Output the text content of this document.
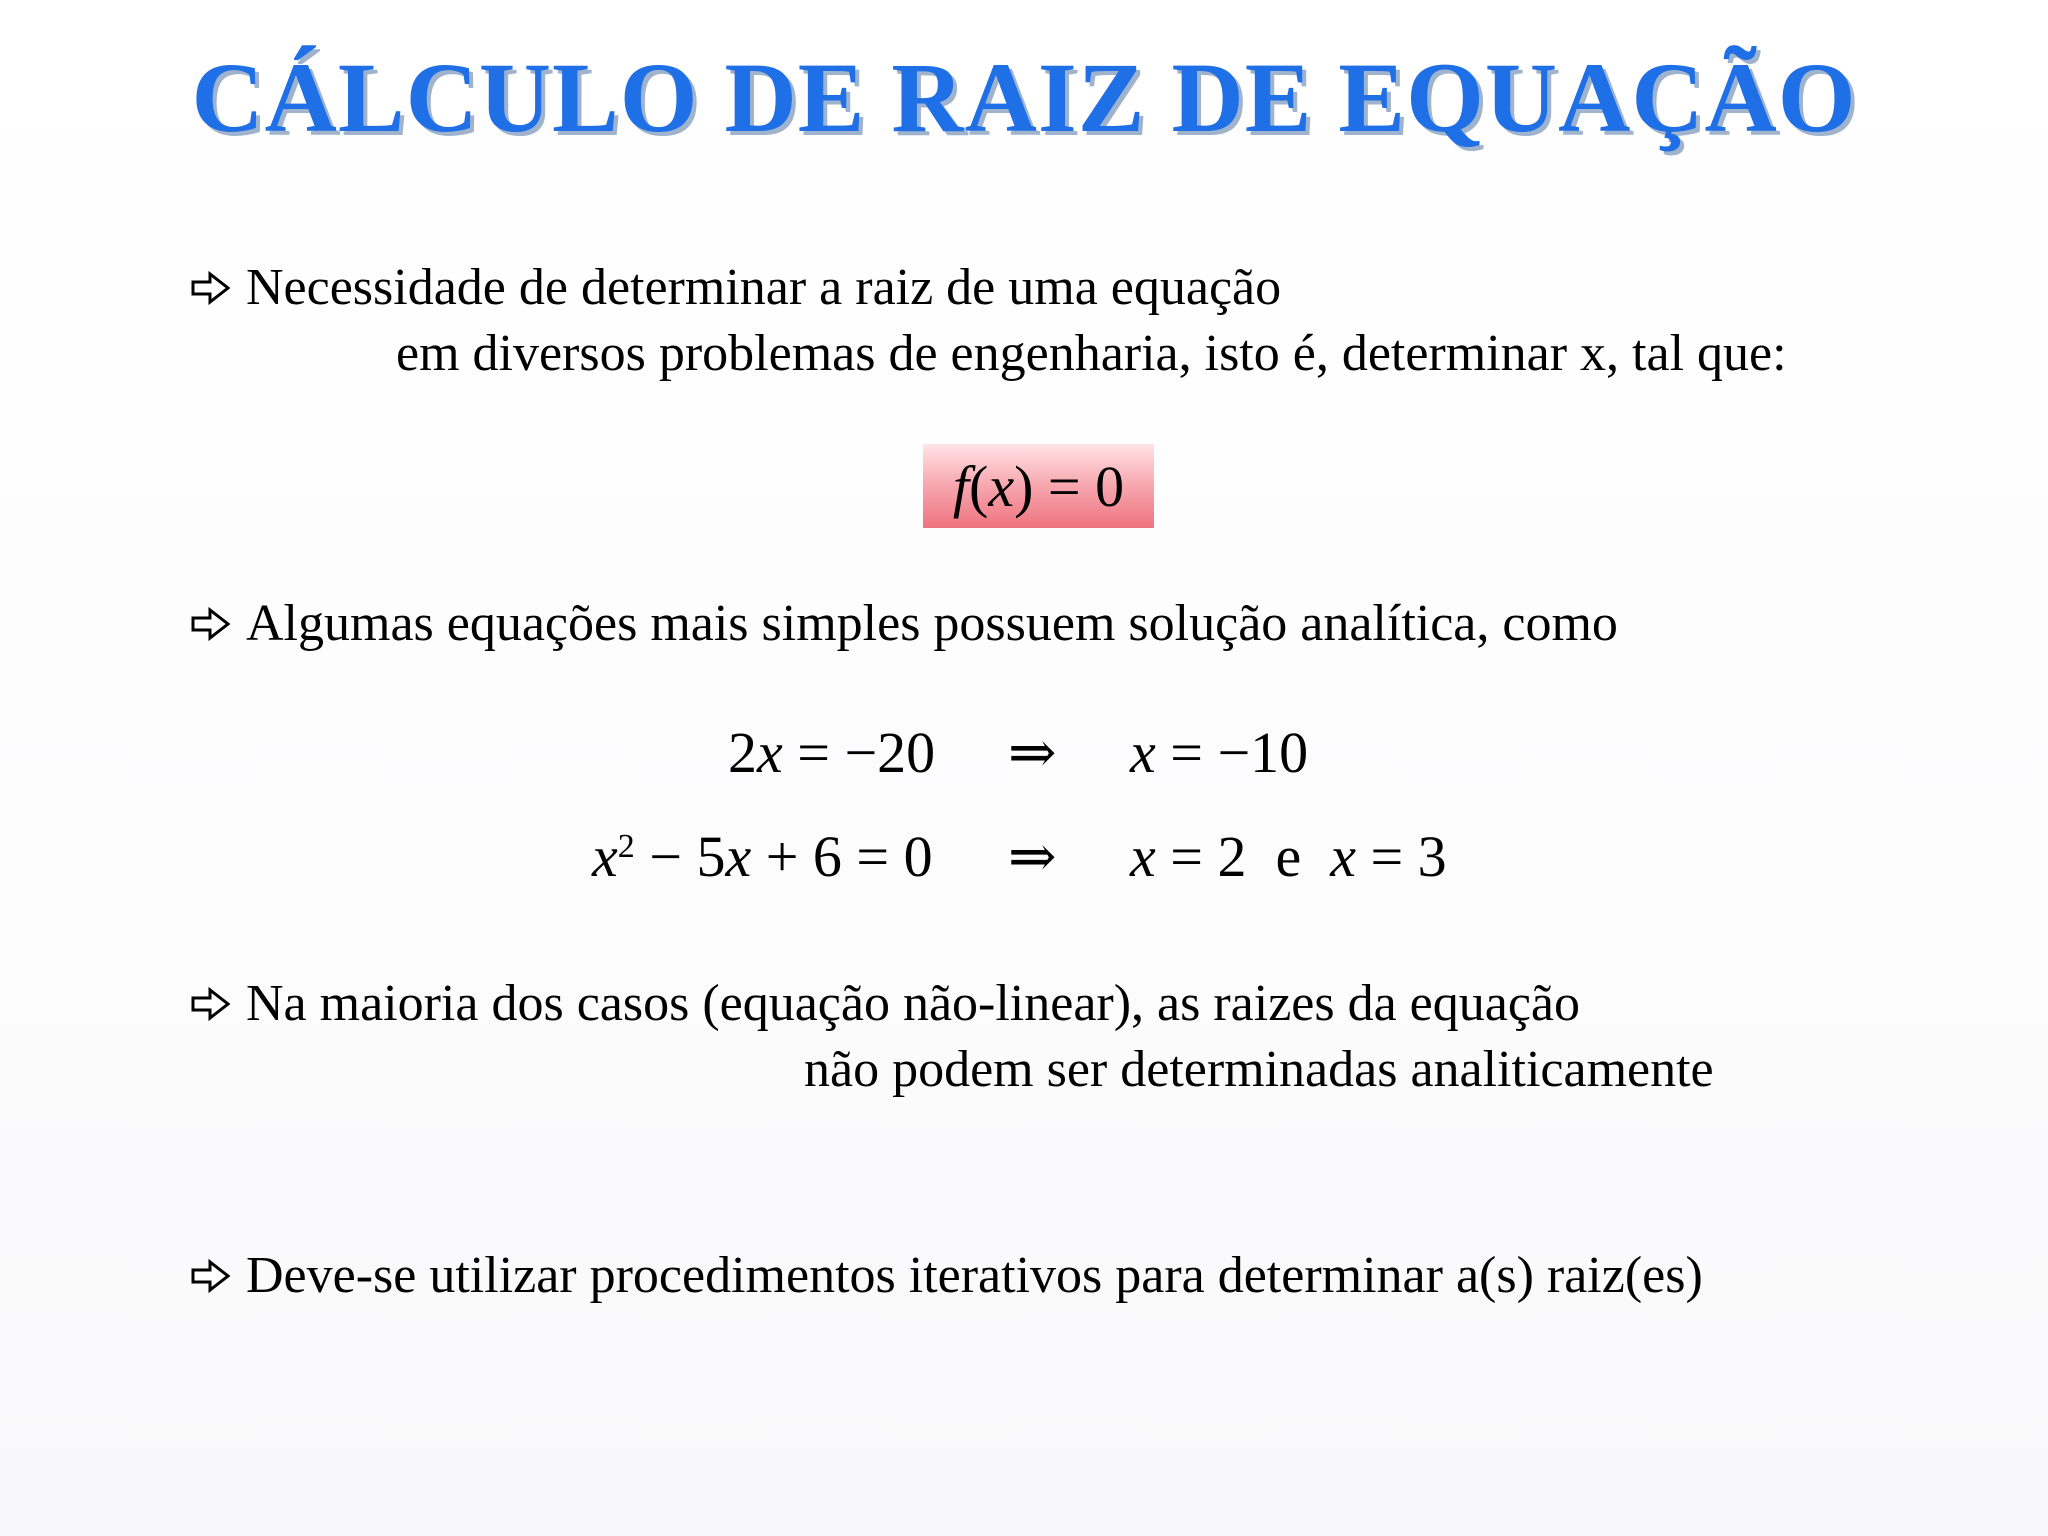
CÁLCULO DE RAIZ DE EQUAÇÃO
Necessidade de determinar a raiz de uma equação
em diversos problemas de engenharia, isto é, determinar x, tal que:
f(x) = 0
Algumas equações mais simples possuem solução analítica, como
2x = −20 ⇒ x = −10
$x^2 - 5x + 6 = 0$ ⇒ x = 2  e  x = 3
Na maioria dos casos (equação não-linear), as raizes da equação
não podem ser determinadas analiticamente
Deve-se utilizar procedimentos iterativos para determinar a(s) raiz(es)
